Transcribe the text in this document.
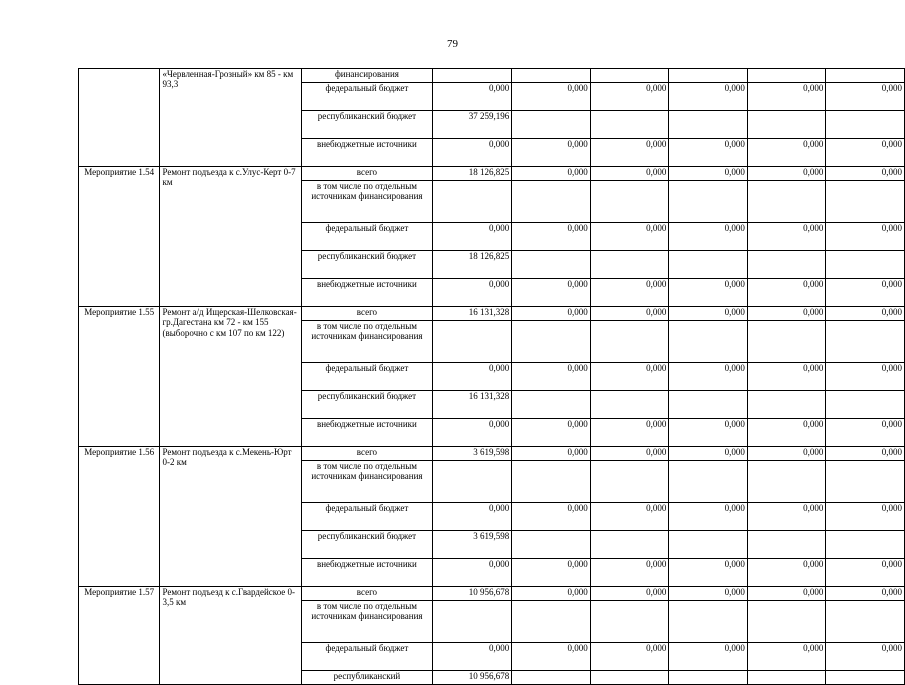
79
	«Червленная-Грозный» км 85 - км 93,3	финансирования						
		федеральный бюджет	0,000	0,000	0,000	0,000	0,000	0,000
		республиканский бюджет	37 259,196					
		внебюджетные источники	0,000	0,000	0,000	0,000	0,000	0,000
Мероприятие 1.54	Ремонт подъезда к с.Улус-Керт 0-7 км	всего	18 126,825	0,000	0,000	0,000	0,000	0,000
		в том числе по отдельным источникам финансирования						
		федеральный бюджет	0,000	0,000	0,000	0,000	0,000	0,000
		республиканский бюджет	18 126,825					
		внебюджетные источники	0,000	0,000	0,000	0,000	0,000	0,000
Мероприятие 1.55	Ремонт а/д Ищерская-Шелковская-гр.Дагестана км 72 - км 155 (выборочно с км 107 по км 122)	всего	16 131,328	0,000	0,000	0,000	0,000	0,000
		в том числе по отдельным источникам финансирования						
		федеральный бюджет	0,000	0,000	0,000	0,000	0,000	0,000
		республиканский бюджет	16 131,328					
		внебюджетные источники	0,000	0,000	0,000	0,000	0,000	0,000
Мероприятие 1.56	Ремонт подъезда к с.Мекень-Юрт 0-2 км	всего	3 619,598	0,000	0,000	0,000	0,000	0,000
		в том числе по отдельным источникам финансирования						
		федеральный бюджет	0,000	0,000	0,000	0,000	0,000	0,000
		республиканский бюджет	3 619,598					
		внебюджетные источники	0,000	0,000	0,000	0,000	0,000	0,000
Мероприятие 1.57	Ремонт подъезд к с.Гвардейское 0-3,5 км	всего	10 956,678	0,000	0,000	0,000	0,000	0,000
		в том числе по отдельным источникам финансирования						
		федеральный бюджет	0,000	0,000	0,000	0,000	0,000	0,000
		республиканский	10 956,678					
